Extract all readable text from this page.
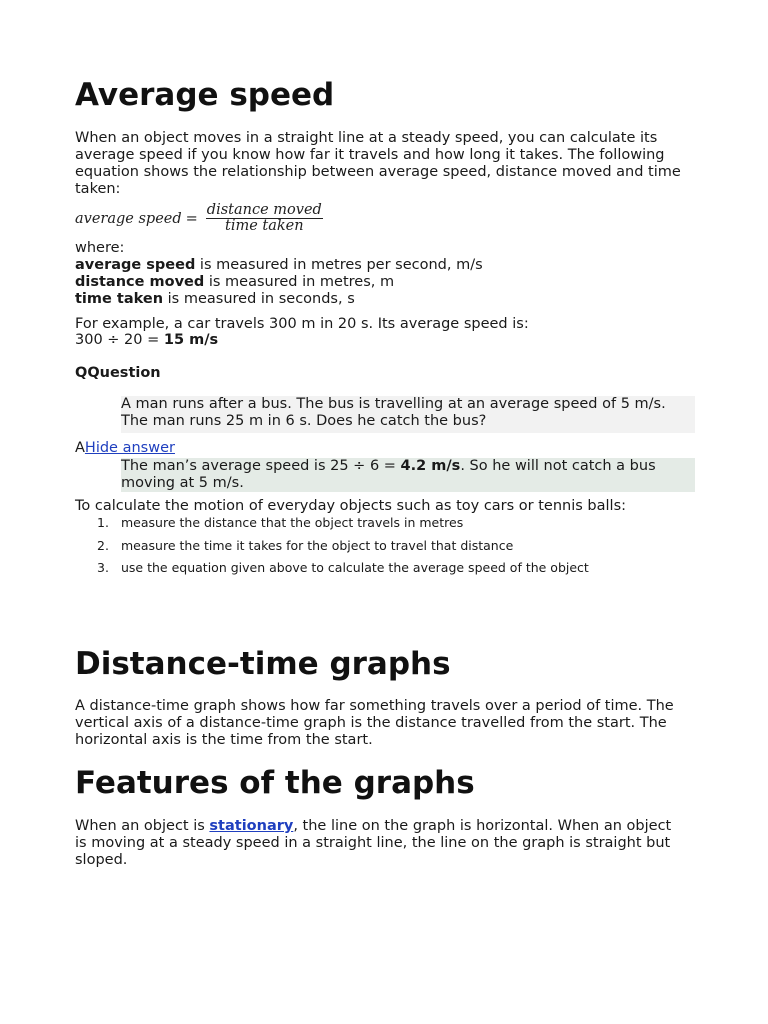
Average speed

When an object moves in a straight line at a steady speed, you can calculate its average speed if you know how far it travels and how long it takes. The following equation shows the relationship between average speed, distance moved and time taken:

average speed = $\frac{\text{distance moved}}{\text{time taken}}$

where:

average speed is measured in metres per second, m/s

distance moved is measured in metres, m

time taken is measured in seconds, s

For example, a car travels 300 m in 20 s. Its average speed is:

300 ÷ 20 = 15 m/s

QQuestion

A man runs after a bus. The bus is travelling at an average speed of 5 m/s. The man runs 25 m in 6 s. Does he catch the bus?

AHide answer

The man’s average speed is 25 ÷ 6 = 4.2 m/s. So he will not catch a bus moving at 5 m/s.

To calculate the motion of everyday objects such as toy cars or tennis balls:

1. measure the distance that the object travels in metres
2. measure the time it takes for the object to travel that distance
3. use the equation given above to calculate the average speed of the object
Distance-time graphs

A distance-time graph shows how far something travels over a period of time. The vertical axis of a distance-time graph is the distance travelled from the start. The horizontal axis is the time from the start.

Features of the graphs

When an object is stationary, the line on the graph is horizontal. When an object is moving at a steady speed in a straight line, the line on the graph is straight but sloped.
